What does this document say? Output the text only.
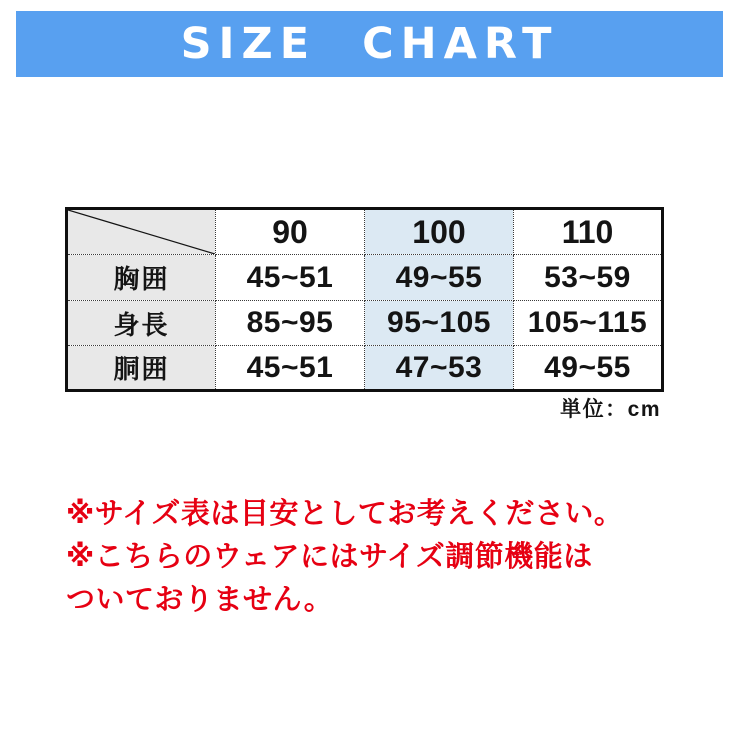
SIZE CHART
	90	100	110
胸囲	45~51	49~55	53~59
身長	85~95	95~105	105~115
胴囲	45~51	47~53	49~55
単位：cm
※サイズ表は目安としてお考えください。
※こちらのウェアにはサイズ調節機能は
ついておりません。
